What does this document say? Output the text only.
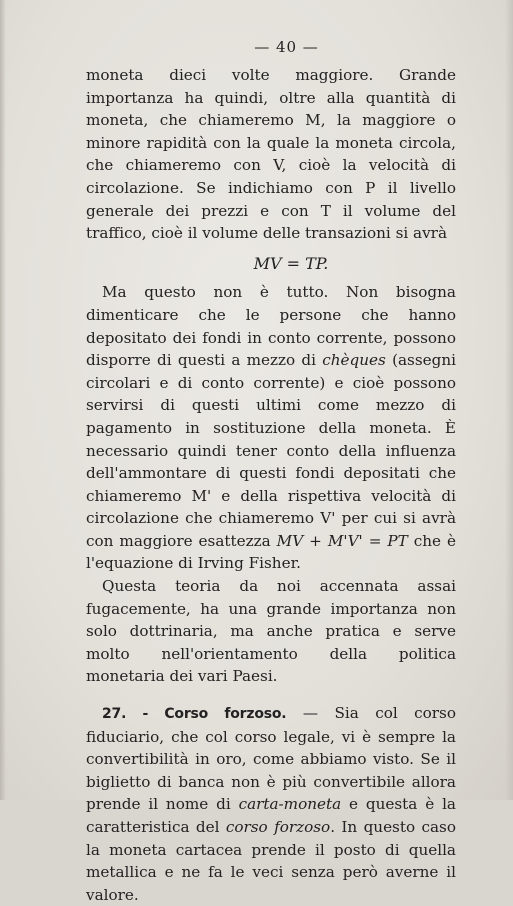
— 40 —

moneta dieci volte maggiore. Grande importanza ha quindi, oltre alla quantità di moneta, che chiameremo M, la maggiore o minore rapidità con la quale la moneta circola, che chiameremo con V, cioè la velocità di circolazione. Se indichiamo con P il livello generale dei prezzi e con T il volume del traffico, cioè il volume delle transazioni si avrà

MV = TP.

Ma questo non è tutto. Non bisogna dimenticare che le persone che hanno depositato dei fondi in conto corrente, possono disporre di questi a mezzo di chèques (assegni circolari e di conto corrente) e cioè possono servirsi di questi ultimi come mezzo di pagamento in sostituzione della moneta. È necessario quindi tener conto della influenza dell'ammontare di questi fondi depositati che chiameremo M' e della rispettiva velocità di circolazione che chiameremo V' per cui si avrà con maggiore esattezza MV + M'V' = PT che è l'equazione di Irving Fisher.

Questa teoria da noi accennata assai fugacemente, ha una grande importanza non solo dottrinaria, ma anche pratica e serve molto nell'orientamento della politica monetaria dei vari Paesi.

27. - Corso forzoso. — Sia col corso fiduciario, che col corso legale, vi è sempre la convertibilità in oro, come abbiamo visto. Se il biglietto di banca non è più convertibile allora prende il nome di carta-moneta e questa è la caratteristica del corso forzoso. In questo caso la moneta cartacea prende il posto di quella metallica e ne fa le veci senza però averne il valore.
